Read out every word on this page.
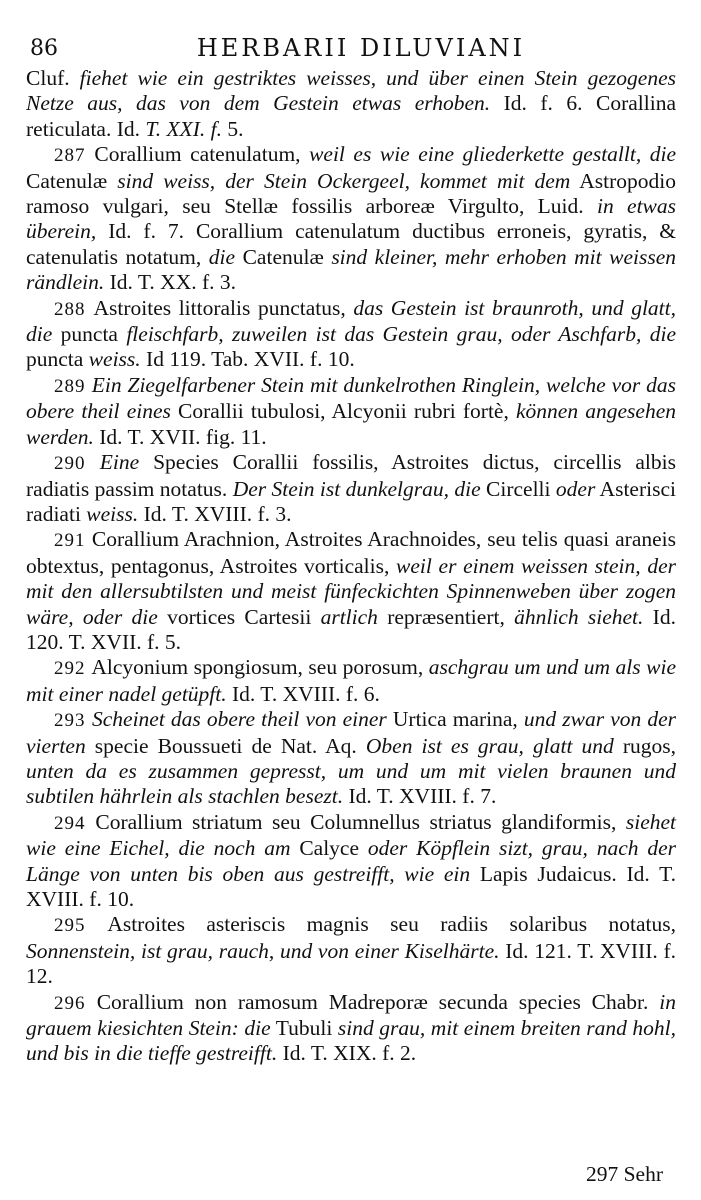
86	HERBARII DILUVIANI

Cluf. fiehet wie ein gestriktes weisses, und über einen Stein gezogenes Netze aus, das von dem Gestein etwas erhoben. Id. f. 6. Corallina reticulata. Id. T. XXI. f. 5.

287 Corallium catenulatum, weil es wie eine gliederkette gestallt, die Catenulæ sind weiss, der Stein Ockergeel, kommet mit dem Astropodio ramoso vulgari, seu Stellæ fossilis arboreæ Virgulto, Luid. in etwas überein, Id. f. 7. Corallium catenulatum ductibus erroneis, gyratis, & catenulatis notatum, die Catenulæ sind kleiner, mehr erhoben mit weissen rändlein. Id. T. XX. f. 3.

288 Astroites littoralis punctatus, das Gestein ist braunroth, und glatt, die puncta fleischfarb, zuweilen ist das Gestein grau, oder Aschfarb, die puncta weiss. Id 119. Tab. XVII. f. 10.

289 Ein Ziegelfarbener Stein mit dunkelrothen Ringlein, welche vor das obere theil eines Corallii tubulosi, Alcyonii rubri fortè, können angesehen werden. Id. T. XVII. fig. 11.

290 Eine Species Corallii fossilis, Astroites dictus, circellis albis radiatis passim notatus. Der Stein ist dunkelgrau, die Circelli oder Asterisci radiati weiss. Id. T. XVIII. f. 3.

291 Corallium Arachnion, Astroites Arachnoides, seu telis quasi araneis obtextus, pentagonus, Astroites vorticalis, weil er einem weissen stein, der mit den allersubtilsten und meist fünfeckichten Spinnenweben über zogen wäre, oder die vortices Cartesii artlich repræsentiert, ähnlich siehet. Id. 120. T. XVII. f. 5.

292 Alcyonium spongiosum, seu porosum, aschgrau um und um als wie mit einer nadel getüpft. Id. T. XVIII. f. 6.

293 Scheinet das obere theil von einer Urtica marina, und zwar von der vierten specie Boussueti de Nat. Aq. Oben ist es grau, glatt und rugos, unten da es zusammen gepresst, um und um mit vielen braunen und subtilen hährlein als stachlen besezt. Id. T. XVIII. f. 7.

294 Corallium striatum seu Columnellus striatus glandiformis, siehet wie eine Eichel, die noch am Calyce oder Köpflein sizt, grau, nach der Länge von unten bis oben aus gestreifft, wie ein Lapis Judaicus. Id. T. XVIII. f. 10.

295 Astroites asteriscis magnis seu radiis solaribus notatus, Sonnenstein, ist grau, rauch, und von einer Kiselhärte. Id. 121. T. XVIII. f. 12.

296 Corallium non ramosum Madreporæ secunda species Chabr. in grauem kiesichten Stein: die Tubuli sind grau, mit einem breiten rand hohl, und bis in die tieffe gestreifft. Id. T. XIX. f. 2.

297 Sehr
